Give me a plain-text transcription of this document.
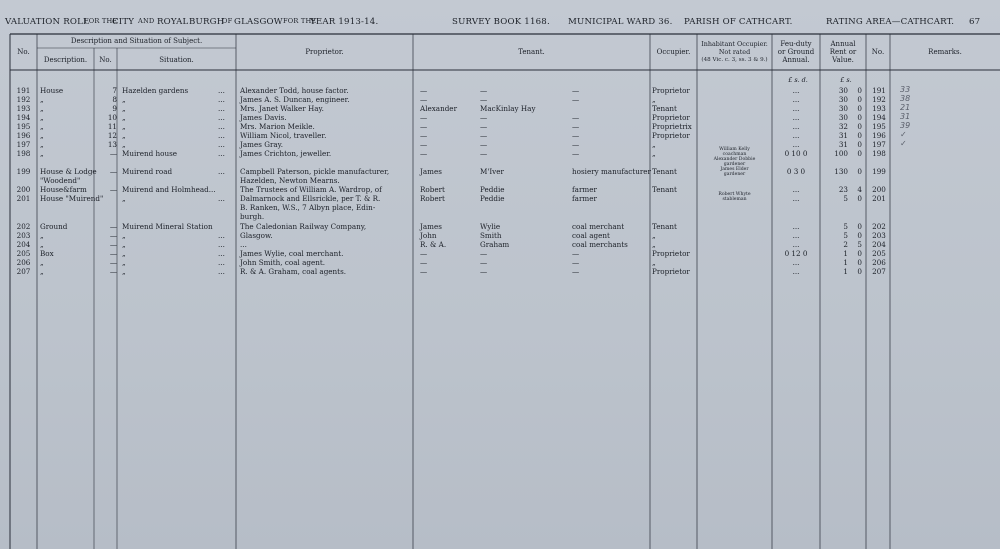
VALUATION ROLL
FOR THE
CITY AND ROYAL BURGH
OF GLASGOW FOR THE
YEAR 1913-14.	SURVEY BOOK 1168. MUNICIPAL WARD 36. PARISH OF CATHCART.	RATING AREA—CATHCART. 67
No.
Description and Situation of Subject.
Description.	No.	Situation.
Proprietor.	Tenant.	Occupier.
Inhabitant Occupier.
Not rated
(48 Vic. c. 3, ss. 3 & 9.)
Feu-duty
or Ground
Annual.
Annual
Rent or
Value.
No.	Remarks.
£ s. d.	£ s.
191	House	7 Hazelden gardens	...	Alexander Todd, house factor.	—	—	—	Proprietor	...	30	0	191	33
192	„	8 „	...	James A. S. Duncan, engineer.	—	—	—	„	...	30	0	192	38
193	„	9 „	...	Mrs. Janet Walker Hay.	Alexander	MacKinlay Hay	Tenant	...	30	0	193	21
194	„	10 „	...	James Davis.	—	—	—	Proprietor	...	30	0	194	31
195	„	11 „	...	Mrs. Marion Meikle.	—	—	—	Proprietrix	...	32	0	195	39
196	„	12 „	...	William Nicol, traveller.	—	—	—	Proprietor	...	31	0	196	✓
197	„	13 „	...	James Gray.	—	—	—	„	...	31	0	197	✓
198	„	— Muirend house	...	James Crichton, jeweller.	—	—	—	„	0 10 0	100	0	198
199	House & Lodge	— Muirend road	...	Campbell Paterson, pickle manufacturer,	James	M'Iver	hosiery manufacturer Tenant	0 3 0	130	0	199
"Woodend"	Hazelden, Newton Mearns.
200	House&farm	— Muirend and Holmhead...	The Trustees of William A. Wardrop, of	Robert	Peddie	farmer	Tenant	...	23	4	200
201	House "Muirend"	„	...	Dalmarnock and Ellsrickle, per T. & R.	Robert	Peddie	farmer	...	5	0	201
B. Ranken, W.S., 7 Albyn place, Edin-
burgh.
202	Ground	— Muirend Mineral Station	The Caledonian Railway Company,	James	Wylie	coal merchant	Tenant	...	5	0	202
203	„	— „	...	Glasgow.	John	Smith	coal agent	„	...	5	0	203
204	„	— „	...	...	R. & A.	Graham	coal merchants	„	...	2	5	204
205	Box	— „	...	James Wylie, coal merchant.	—	—	—	Proprietor	0 12 0	1	0	205
206	„	— „	...	John Smith, coal agent.	—	—	—	„	...	1	0	206
207	„	— „	...	R. & A. Graham, coal agents.	—	—	—	Proprietor	...	1	0	207
William Kelly
coachman
Alexander Dobbie
gardener
James Elder
gardener
Robert Whyte
stableman
